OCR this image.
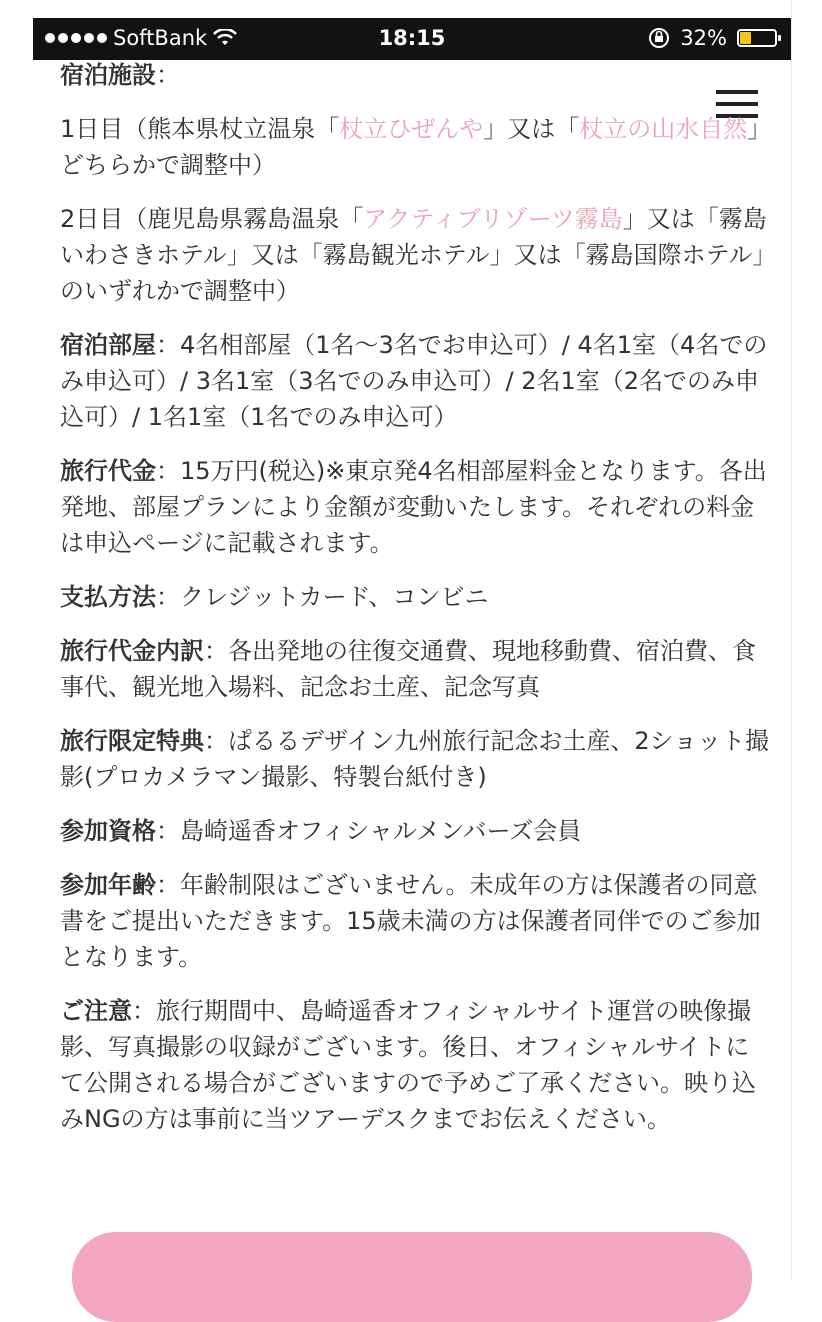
SoftBank	18:15	32%

宿泊施設：

1日目（熊本県杖立温泉「杖立ひぜんや」又は「杖立の山水自然」どちらかで調整中）

2日目（鹿児島県霧島温泉「アクティブリゾーツ霧島」又は「霧島いわさきホテル」又は「霧島観光ホテル」又は「霧島国際ホテル」のいずれかで調整中）

宿泊部屋：4名相部屋（1名〜3名でお申込可）/ 4名1室（4名でのみ申込可）/ 3名1室（3名でのみ申込可）/ 2名1室（2名でのみ申込可）/ 1名1室（1名でのみ申込可）

旅行代金：15万円(税込)※東京発4名相部屋料金となります。各出発地、部屋プランにより金額が変動いたします。それぞれの料金は申込ページに記載されます。

支払方法：クレジットカード、コンビニ

旅行代金内訳：各出発地の往復交通費、現地移動費、宿泊費、食事代、観光地入場料、記念お土産、記念写真

旅行限定特典：ぱるるデザイン九州旅行記念お土産、2ショット撮影(プロカメラマン撮影、特製台紙付き)

参加資格：島崎遥香オフィシャルメンバーズ会員

参加年齢：年齢制限はございません。未成年の方は保護者の同意書をご提出いただきます。15歳未満の方は保護者同伴でのご参加となります。

ご注意：旅行期間中、島崎遥香オフィシャルサイト運営の映像撮影、写真撮影の収録がございます。後日、オフィシャルサイトにて公開される場合がございますので予めご了承ください。映り込みNGの方は事前に当ツアーデスクまでお伝えください。
